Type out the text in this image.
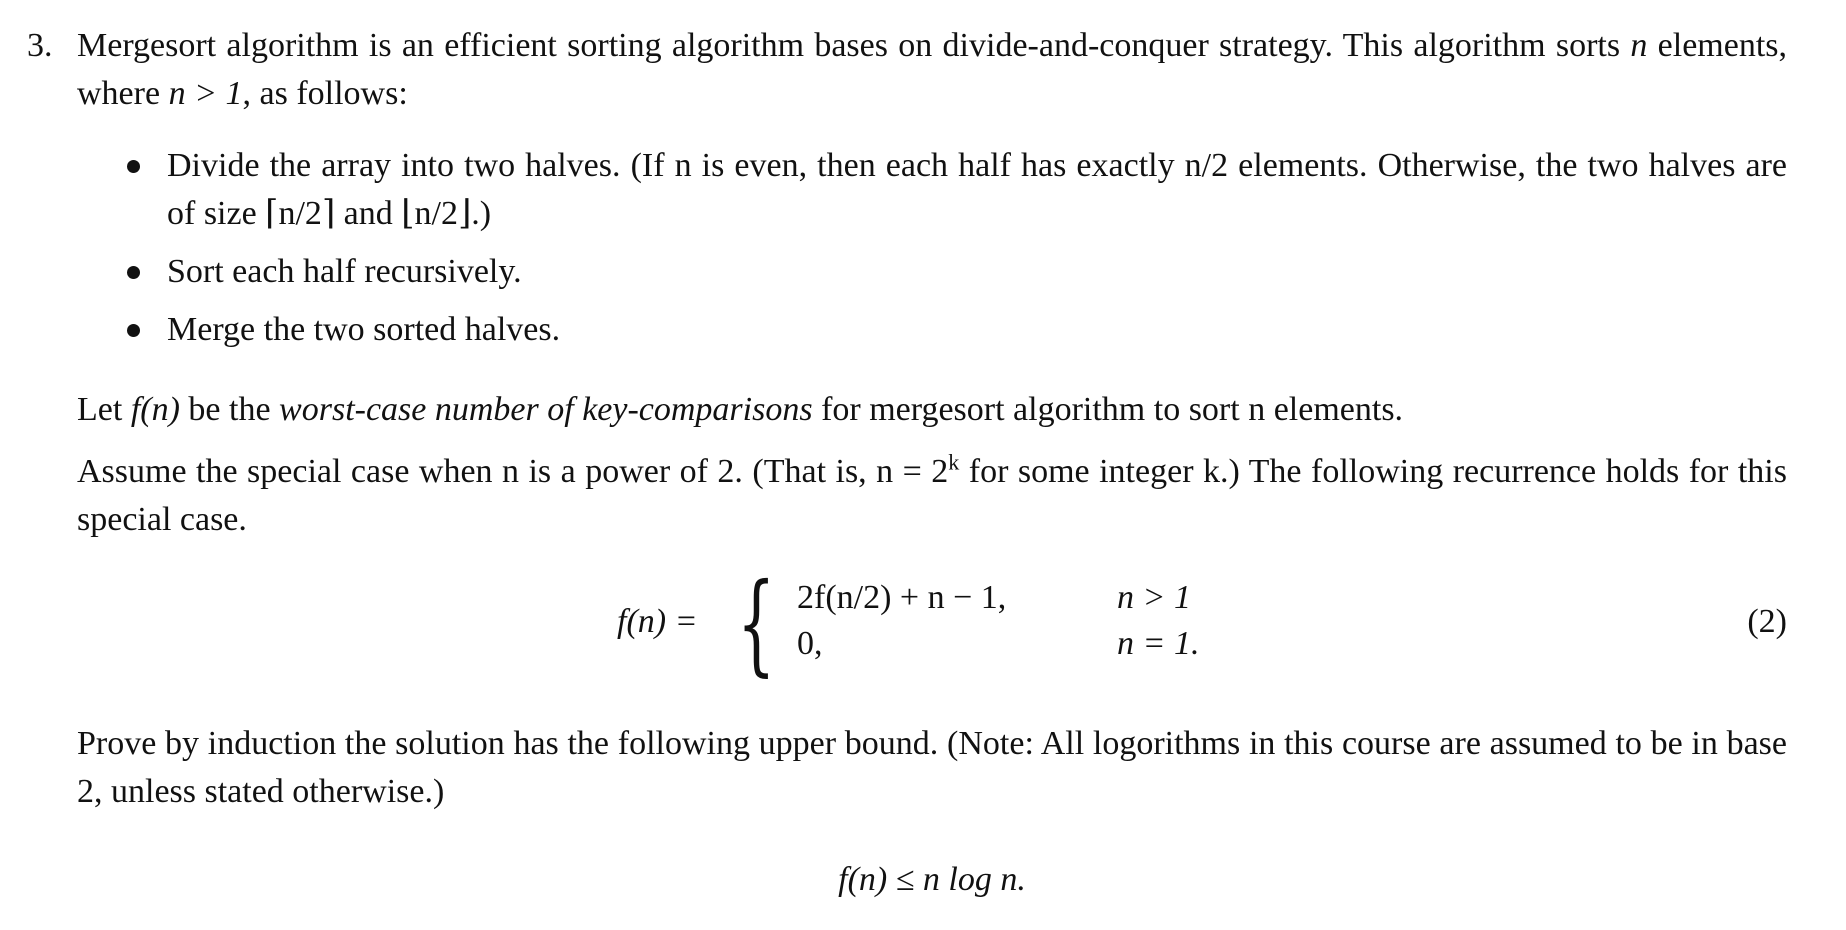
3. Mergesort algorithm is an efficient sorting algorithm bases on divide-and-conquer strategy. This algorithm sorts n elements, where n > 1, as follows:
Divide the array into two halves. (If n is even, then each half has exactly n/2 elements. Otherwise, the two halves are of size ⌈n/2⌉ and ⌊n/2⌋.)
Sort each half recursively.
Merge the two sorted halves.
Let f(n) be the worst-case number of key-comparisons for mergesort algorithm to sort n elements.
Assume the special case when n is a power of 2. (That is, $n = 2^k$ for some integer k.) The following recurrence holds for this special case.
f(n) = { 2f(n/2) + n − 1,	n > 1
0,	n = 1.
(2)
Prove by induction the solution has the following upper bound. (Note: All logorithms in this course are assumed to be in base 2, unless stated otherwise.)
f(n) ≤ n log n.
